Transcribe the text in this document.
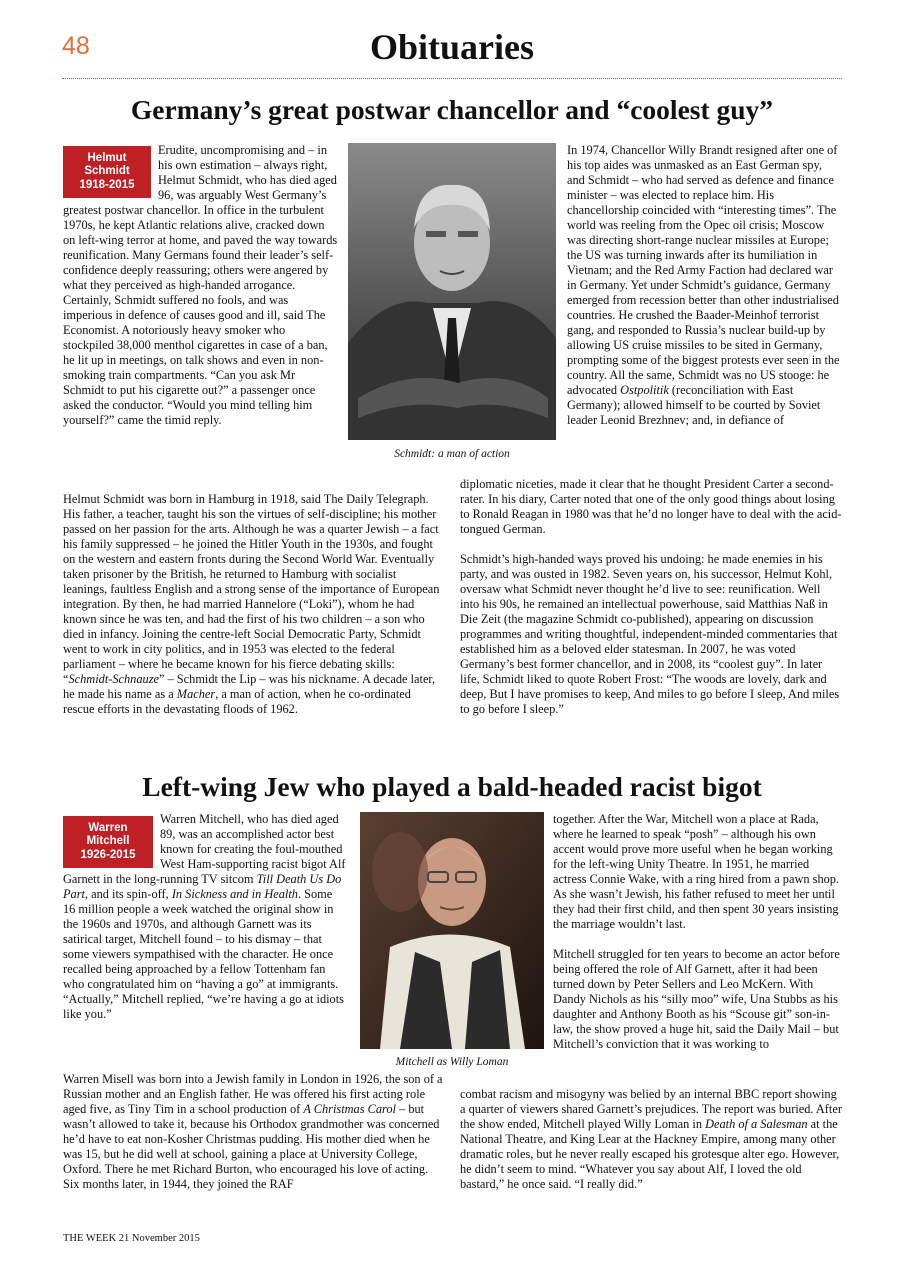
48	Obituaries
Germany’s great postwar chancellor and “coolest guy”
Helmut
Schmidt
1918-2015
Erudite, uncompromising and – in his own estimation – always right, Helmut Schmidt, who has died aged 96, was arguably West Germany’s greatest postwar chancellor. In office in the turbulent 1970s, he kept Atlantic relations alive, cracked down on left-wing terror at home, and paved the way towards reunification. Many Germans found their leader’s self-confidence deeply reassuring; others were angered by what they perceived as high-handed arrogance. Certainly, Schmidt suffered no fools, and was imperious in defence of causes good and ill, said The Economist. A notoriously heavy smoker who stockpiled 38,000 menthol cigarettes in case of a ban, he lit up in meetings, on talk shows and even in non-smoking train compartments. “Can you ask Mr Schmidt to put his cigarette out?” a passenger once asked the conductor. “Would you mind telling him yourself?” came the timid reply.
Schmidt: a man of action
Helmut Schmidt was born in Hamburg in 1918, said The Daily Telegraph. His father, a teacher, taught his son the virtues of self-discipline; his mother passed on her passion for the arts. Although he was a quarter Jewish – a fact his family suppressed – he joined the Hitler Youth in the 1930s, and fought on the western and eastern fronts during the Second World War. Eventually taken prisoner by the British, he returned to Hamburg with socialist leanings, faultless English and a strong sense of the importance of European integration. By then, he had married Hannelore (“Loki”), whom he had known since he was ten, and had the first of his two children – a son who died in infancy. Joining the centre-left Social Democratic Party, Schmidt went to work in city politics, and in 1953 was elected to the federal parliament – where he became known for his fierce debating skills: “Schmidt-Schnauze” – Schmidt the Lip – was his nickname. A decade later, he made his name as a Macher, a man of action, when he co-ordinated rescue efforts in the devastating floods of 1962.
In 1974, Chancellor Willy Brandt resigned after one of his top aides was unmasked as an East German spy, and Schmidt – who had served as defence and finance minister – was elected to replace him. His chancellorship coincided with “interesting times”. The world was reeling from the Opec oil crisis; Moscow was directing short-range nuclear missiles at Europe; the US was turning inwards after its humiliation in Vietnam; and the Red Army Faction had declared war in Germany. Yet under Schmidt’s guidance, Germany emerged from recession better than other industrialised countries. He crushed the Baader-Meinhof terrorist gang, and responded to Russia’s nuclear build-up by allowing US cruise missiles to be sited in Germany, prompting some of the biggest protests ever seen in the country. All the same, Schmidt was no US stooge: he advocated Ostpolitik (reconciliation with East Germany); allowed himself to be courted by Soviet leader Leonid Brezhnev; and, in defiance of

diplomatic niceties, made it clear that he thought President Carter a second-rater. In his diary, Carter noted that one of the only good things about losing to Ronald Reagan in 1980 was that he’d no longer have to deal with the acid-tongued German.

Schmidt’s high-handed ways proved his undoing: he made enemies in his party, and was ousted in 1982. Seven years on, his successor, Helmut Kohl, oversaw what Schmidt never thought he’d live to see: reunification. Well into his 90s, he remained an intellectual powerhouse, said Matthias Naß in Die Zeit (the magazine Schmidt co-published), appearing on discussion programmes and writing thoughtful, independent-minded commentaries that established him as a beloved elder statesman. In 2007, he was voted Germany’s best former chancellor, and in 2008, its “coolest guy”. In later life, Schmidt liked to quote Robert Frost: “The woods are lovely, dark and deep, But I have promises to keep, And miles to go before I sleep, And miles to go before I sleep.”

Left-wing Jew who played a bald-headed racist bigot
Warren
Mitchell
1926-2015
Warren Mitchell, who has died aged 89, was an accomplished actor best known for creating the foul-mouthed West Ham-supporting racist bigot Alf Garnett in the long-running TV sitcom Till Death Us Do Part, and its spin-off, In Sickness and in Health. Some 16 million people a week watched the original show in the 1960s and 1970s, and although Garnett was its satirical target, Mitchell found – to his dismay – that some viewers sympathised with the character. He once recalled being approached by a fellow Tottenham fan who congratulated him on “having a go” at immigrants. “Actually,” Mitchell replied, “we’re having a go at idiots like you.”
Mitchell as Willy Loman
Warren Misell was born into a Jewish family in London in 1926, the son of a Russian mother and an English father. He was offered his first acting role aged five, as Tiny Tim in a school production of A Christmas Carol – but wasn’t allowed to take it, because his Orthodox grandmother was concerned he’d have to eat non-Kosher Christmas pudding. His mother died when he was 15, but he did well at school, gaining a place at University College, Oxford. There he met Richard Burton, who encouraged his love of acting. Six months later, in 1944, they joined the RAF

together. After the War, Mitchell won a place at Rada, where he learned to speak “posh” – although his own accent would prove more useful when he began working for the left-wing Unity Theatre. In 1951, he married actress Connie Wake, with a ring hired from a pawn shop. As she wasn’t Jewish, his father refused to meet her until they had their first child, and then spent 30 years insisting the marriage wouldn’t last.

Mitchell struggled for ten years to become an actor before being offered the role of Alf Garnett, after it had been turned down by Peter Sellers and Leo McKern. With Dandy Nichols as his “silly moo” wife, Una Stubbs as his daughter and Anthony Booth as his “Scouse git” son-in-law, the show proved a huge hit, said the Daily Mail – but Mitchell’s conviction that it was working to

combat racism and misogyny was belied by an internal BBC report showing a quarter of viewers shared Garnett’s prejudices. The report was buried. After the show ended, Mitchell played Willy Loman in Death of a Salesman at the National Theatre, and King Lear at the Hackney Empire, among many other dramatic roles, but he never really escaped his grotesque alter ego. However, he didn’t seem to mind. “Whatever you say about Alf, I loved the old bastard,” he once said. “I really did.”
THE WEEK 21 November 2015
